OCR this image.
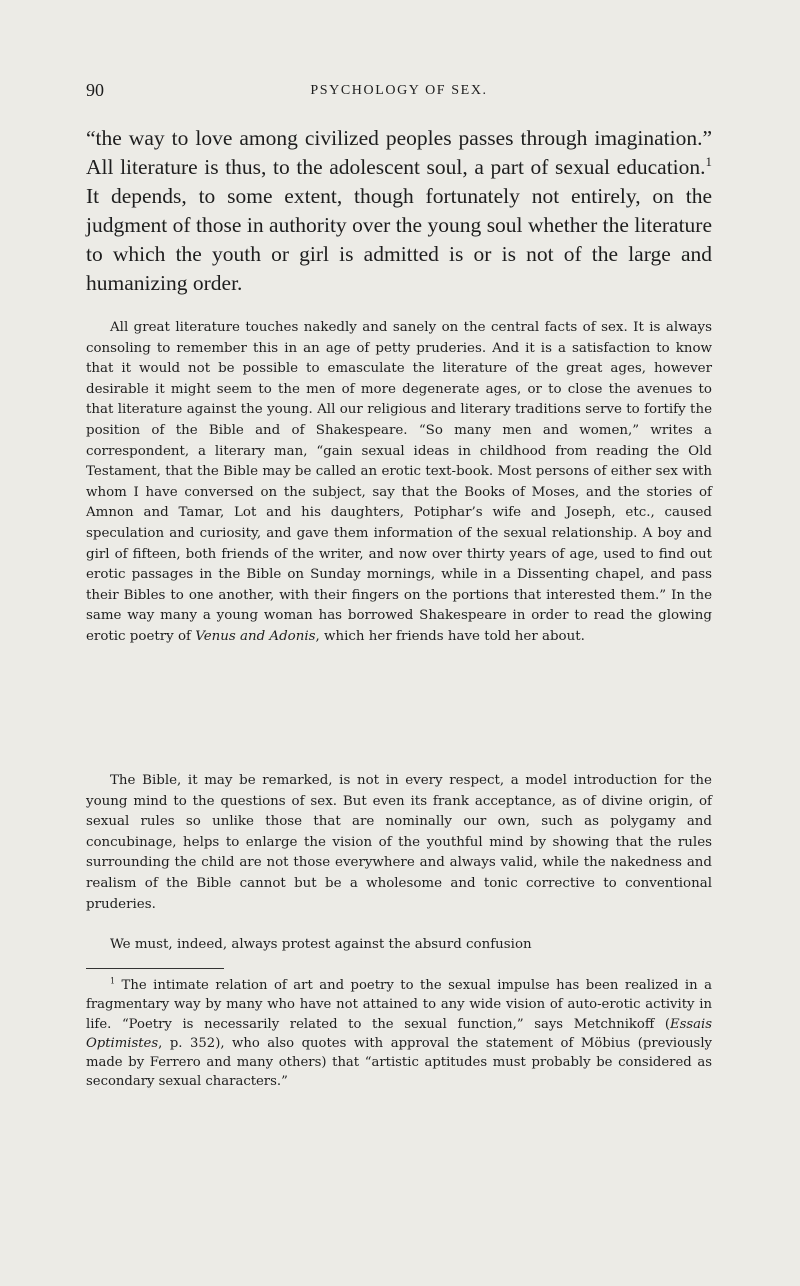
90	PSYCHOLOGY OF SEX.

“the way to love among civilized peoples passes through imagination.” All literature is thus, to the adolescent soul, a part of sexual education.$^1$ It depends, to some extent, though fortunately not entirely, on the judgment of those in authority over the young soul whether the literature to which the youth or girl is admitted is or is not of the large and humanizing order.

All great literature touches nakedly and sanely on the central facts of sex. It is always consoling to remember this in an age of petty pruderies. And it is a satisfaction to know that it would not be possible to emasculate the literature of the great ages, however desirable it might seem to the men of more degenerate ages, or to close the avenues to that literature against the young. All our religious and literary traditions serve to fortify the position of the Bible and of Shakespeare. “So many men and women,” writes a correspondent, a literary man, “gain sexual ideas in childhood from reading the Old Testament, that the Bible may be called an erotic text-book. Most persons of either sex with whom I have conversed on the subject, say that the Books of Moses, and the stories of Amnon and Tamar, Lot and his daughters, Potiphar’s wife and Joseph, etc., caused speculation and curiosity, and gave them information of the sexual relationship. A boy and girl of fifteen, both friends of the writer, and now over thirty years of age, used to find out erotic passages in the Bible on Sunday mornings, while in a Dissenting chapel, and pass their Bibles to one another, with their fingers on the portions that interested them.” In the same way many a young woman has borrowed Shakespeare in order to read the glowing erotic poetry of Venus and Adonis, which her friends have told her about.

The Bible, it may be remarked, is not in every respect, a model introduction for the young mind to the questions of sex. But even its frank acceptance, as of divine origin, of sexual rules so unlike those that are nominally our own, such as polygamy and concubinage, helps to enlarge the vision of the youthful mind by showing that the rules surrounding the child are not those everywhere and always valid, while the nakedness and realism of the Bible cannot but be a wholesome and tonic corrective to conventional pruderies.

We must, indeed, always protest against the absurd confusion

$^1$ The intimate relation of art and poetry to the sexual impulse has been realized in a fragmentary way by many who have not attained to any wide vision of auto-erotic activity in life. “Poetry is necessarily related to the sexual function,” says Metchnikoff (Essais Optimistes, p. 352), who also quotes with approval the statement of Möbius (previously made by Ferrero and many others) that “artistic aptitudes must probably be considered as secondary sexual characters.”
